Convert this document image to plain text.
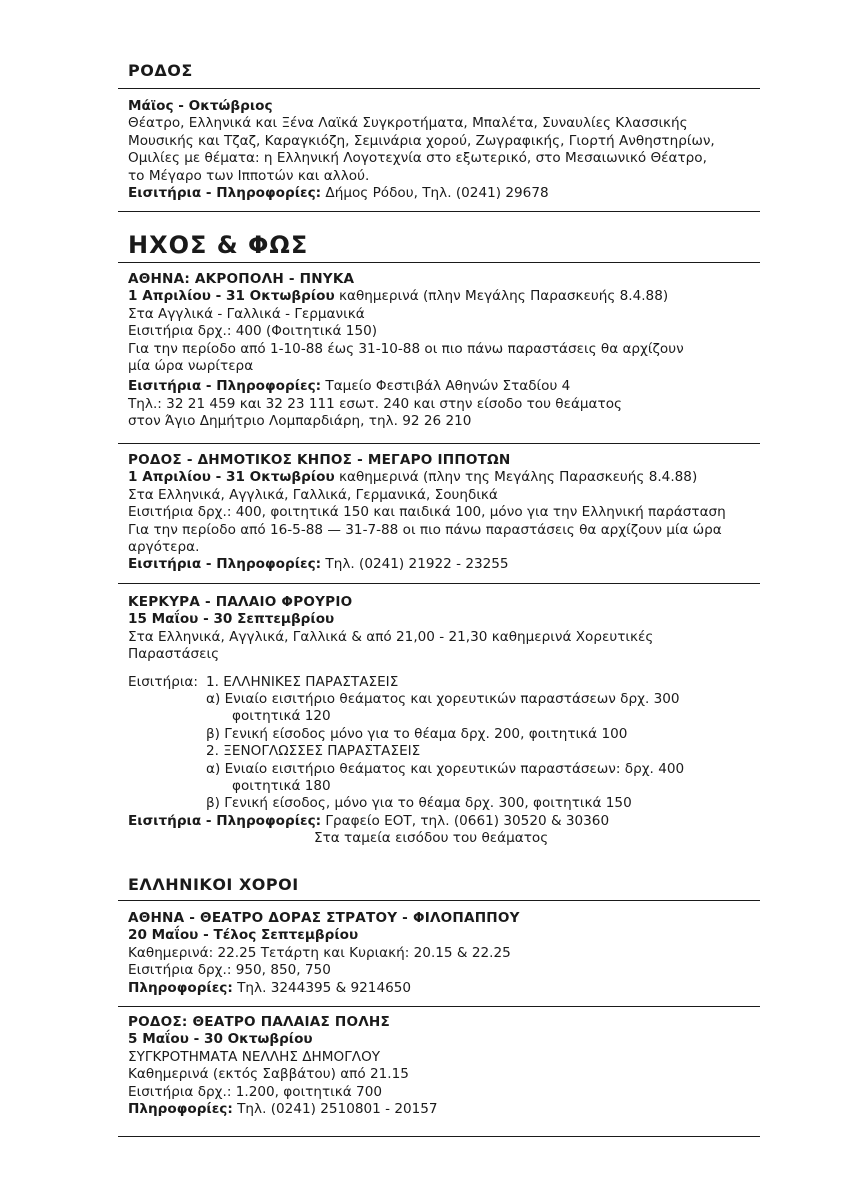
ΡΟΔΟΣ
Μάϊος - Οκτώβριος
Θέατρο, Ελληνικά και Ξένα Λαϊκά Συγκροτήματα, Μπαλέτα, Συναυλίες Κλασσικής
Μουσικής και Τζαζ, Καραγκιόζη, Σεμινάρια χορού, Ζωγραφικής, Γιορτή Ανθηστηρίων,
Ομιλίες με θέματα: η Ελληνική Λογοτεχνία στο εξωτερικό, στο Μεσαιωνικό Θέατρο,
το Μέγαρο των Ιπποτών και αλλού.
Εισιτήρια - Πληροφορίες: Δήμος Ρόδου, Τηλ. (0241) 29678
ΗΧΟΣ & ΦΩΣ
ΑΘΗΝΑ: ΑΚΡΟΠΟΛΗ - ΠΝΥΚΑ
1 Απριλίου - 31 Οκτωβρίου καθημερινά (πλην Μεγάλης Παρασκευής 8.4.88)
Στα Αγγλικά - Γαλλικά - Γερμανικά
Εισιτήρια δρχ.: 400 (Φοιτητικά 150)
Για την περίοδο από 1-10-88 έως 31-10-88 οι πιο πάνω παραστάσεις θα αρχίζουν
μία ώρα νωρίτερα
Εισιτήρια - Πληροφορίες: Ταμείο Φεστιβάλ Αθηνών Σταδίου 4
Τηλ.: 32 21 459 και 32 23 111 εσωτ. 240 και στην είσοδο του θεάματος
στον Άγιο Δημήτριο Λομπαρδιάρη, τηλ. 92 26 210
ΡΟΔΟΣ - ΔΗΜΟΤΙΚΟΣ ΚΗΠΟΣ - ΜΕΓΑΡΟ ΙΠΠΟΤΩΝ
1 Απριλίου - 31 Οκτωβρίου καθημερινά (πλην της Μεγάλης Παρασκευής 8.4.88)
Στα Ελληνικά, Αγγλικά, Γαλλικά, Γερμανικά, Σουηδικά
Εισιτήρια δρχ.: 400, φοιτητικά 150 και παιδικά 100, μόνο για την Ελληνική παράσταση
Για την περίοδο από 16-5-88 — 31-7-88 οι πιο πάνω παραστάσεις θα αρχίζουν μία ώρα
αργότερα.
Εισιτήρια - Πληροφορίες: Τηλ. (0241) 21922 - 23255
ΚΕΡΚΥΡΑ - ΠΑΛΑΙΟ ΦΡΟΥΡΙΟ
15 Μαΐου - 30 Σεπτεμβρίου
Στα Ελληνικά, Αγγλικά, Γαλλικά & από 21,00 - 21,30 καθημερινά Χορευτικές
Παραστάσεις
Εισιτήρια: 1. ΕΛΛΗΝΙΚΕΣ ΠΑΡΑΣΤΑΣΕΙΣ
α) Ενιαίο εισιτήριο θεάματος και χορευτικών παραστάσεων δρχ. 300
φοιτητικά 120
β) Γενική είσοδος μόνο για το θέαμα δρχ. 200, φοιτητικά 100
2. ΞΕΝΟΓΛΩΣΣΕΣ ΠΑΡΑΣΤΑΣΕΙΣ
α) Ενιαίο εισιτήριο θεάματος και χορευτικών παραστάσεων: δρχ. 400
φοιτητικά 180
β) Γενική είσοδος, μόνο για το θέαμα δρχ. 300, φοιτητικά 150
Εισιτήρια - Πληροφορίες: Γραφείο ΕΟΤ, τηλ. (0661) 30520 & 30360
Στα ταμεία εισόδου του θεάματος
ΕΛΛΗΝΙΚΟΙ ΧΟΡΟΙ
ΑΘΗΝΑ - ΘΕΑΤΡΟ ΔΟΡΑΣ ΣΤΡΑΤΟΥ - ΦΙΛΟΠΑΠΠΟΥ
20 Μαΐου - Τέλος Σεπτεμβρίου
Καθημερινά: 22.25 Τετάρτη και Κυριακή: 20.15 & 22.25
Εισιτήρια δρχ.: 950, 850, 750
Πληροφορίες: Τηλ. 3244395 & 9214650
ΡΟΔΟΣ: ΘΕΑΤΡΟ ΠΑΛΑΙΑΣ ΠΟΛΗΣ
5 Μαΐου - 30 Οκτωβρίου
ΣΥΓΚΡΟΤΗΜΑΤΑ ΝΕΛΛΗΣ ΔΗΜΟΓΛΟΥ
Καθημερινά (εκτός Σαββάτου) από 21.15
Εισιτήρια δρχ.: 1.200, φοιτητικά 700
Πληροφορίες: Τηλ. (0241) 2510801 - 20157
